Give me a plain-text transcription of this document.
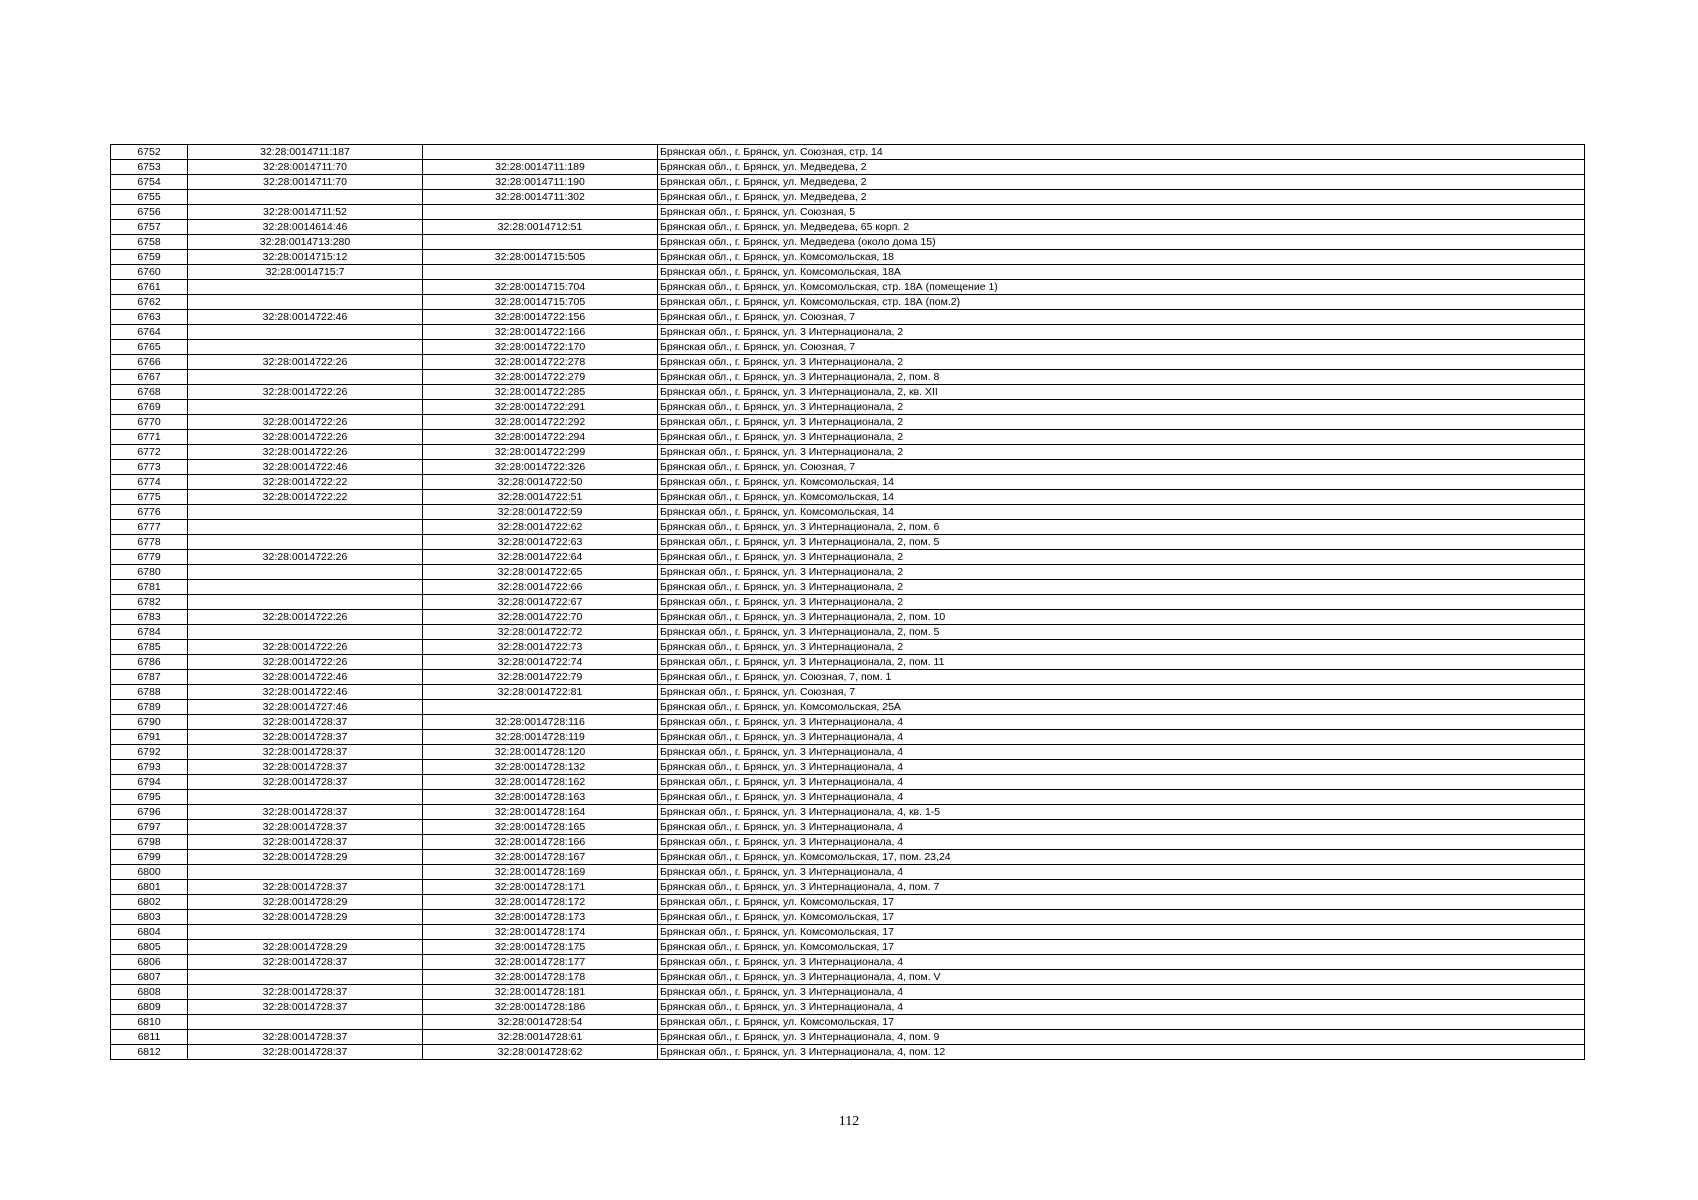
6752	32:28:0014711:187		Брянская обл., г. Брянск, ул. Союзная, стр. 14
6753	32:28:0014711:70	32:28:0014711:189	Брянская обл., г. Брянск, ул. Медведева, 2
6754	32:28:0014711:70	32:28:0014711:190	Брянская обл., г. Брянск, ул. Медведева, 2
6755		32:28:0014711:302	Брянская обл., г. Брянск, ул. Медведева, 2
6756	32:28:0014711:52		Брянская обл., г. Брянск, ул. Союзная, 5
6757	32:28:0014614:46	32:28:0014712:51	Брянская обл., г. Брянск, ул. Медведева, 65 корп. 2
6758	32:28:0014713:280		Брянская обл., г. Брянск, ул. Медведева (около дома 15)
6759	32:28:0014715:12	32:28:0014715:505	Брянская обл., г. Брянск, ул. Комсомольская, 18
6760	32:28:0014715:7		Брянская обл., г. Брянск, ул. Комсомольская, 18А
6761		32:28:0014715:704	Брянская обл., г. Брянск, ул. Комсомольская, стр. 18А (помещение 1)
6762		32:28:0014715:705	Брянская обл., г. Брянск, ул. Комсомольская, стр. 18А (пом.2)
6763	32:28:0014722:46	32:28:0014722:156	Брянская обл., г. Брянск, ул. Союзная, 7
6764		32:28:0014722:166	Брянская обл., г. Брянск, ул. 3 Интернационала, 2
6765		32:28:0014722:170	Брянская обл., г. Брянск, ул. Союзная, 7
6766	32:28:0014722:26	32:28:0014722:278	Брянская обл., г. Брянск, ул. 3 Интернационала, 2
6767		32:28:0014722:279	Брянская обл., г. Брянск, ул. 3 Интернационала, 2, пом. 8
6768	32:28:0014722:26	32:28:0014722:285	Брянская обл., г. Брянск, ул. 3 Интернационала, 2, кв. XII
6769		32:28:0014722:291	Брянская обл., г. Брянск, ул. 3 Интернационала, 2
6770	32:28:0014722:26	32:28:0014722:292	Брянская обл., г. Брянск, ул. 3 Интернационала, 2
6771	32:28:0014722:26	32:28:0014722:294	Брянская обл., г. Брянск, ул. 3 Интернационала, 2
6772	32:28:0014722:26	32:28:0014722:299	Брянская обл., г. Брянск, ул. 3 Интернационала, 2
6773	32:28:0014722:46	32:28:0014722:326	Брянская обл., г. Брянск, ул. Союзная, 7
6774	32:28:0014722:22	32:28:0014722:50	Брянская обл., г. Брянск, ул. Комсомольская, 14
6775	32:28:0014722:22	32:28:0014722:51	Брянская обл., г. Брянск, ул. Комсомольская, 14
6776		32:28:0014722:59	Брянская обл., г. Брянск, ул. Комсомольская, 14
6777		32:28:0014722:62	Брянская обл., г. Брянск, ул. 3 Интернационала, 2, пом. 6
6778		32:28:0014722:63	Брянская обл., г. Брянск, ул. 3 Интернационала, 2, пом. 5
6779	32:28:0014722:26	32:28:0014722:64	Брянская обл., г. Брянск, ул. 3 Интернационала, 2
6780		32:28:0014722:65	Брянская обл., г. Брянск, ул. 3 Интернационала, 2
6781		32:28:0014722:66	Брянская обл., г. Брянск, ул. 3 Интернационала, 2
6782		32:28:0014722:67	Брянская обл., г. Брянск, ул. 3 Интернационала, 2
6783	32:28:0014722:26	32:28:0014722:70	Брянская обл., г. Брянск, ул. 3 Интернационала, 2, пом. 10
6784		32:28:0014722:72	Брянская обл., г. Брянск, ул. 3 Интернационала, 2, пом. 5
6785	32:28:0014722:26	32:28:0014722:73	Брянская обл., г. Брянск, ул. 3 Интернационала, 2
6786	32:28:0014722:26	32:28:0014722:74	Брянская обл., г. Брянск, ул. 3 Интернационала, 2, пом. 11
6787	32:28:0014722:46	32:28:0014722:79	Брянская обл., г. Брянск, ул. Союзная, 7, пом. 1
6788	32:28:0014722:46	32:28:0014722:81	Брянская обл., г. Брянск, ул. Союзная, 7
6789	32:28:0014727:46		Брянская обл., г. Брянск, ул. Комсомольская, 25А
6790	32:28:0014728:37	32:28:0014728:116	Брянская обл., г. Брянск, ул. 3 Интернационала, 4
6791	32:28:0014728:37	32:28:0014728:119	Брянская обл., г. Брянск, ул. 3 Интернационала, 4
6792	32:28:0014728:37	32:28:0014728:120	Брянская обл., г. Брянск, ул. 3 Интернационала, 4
6793	32:28:0014728:37	32:28:0014728:132	Брянская обл., г. Брянск, ул. 3 Интернационала, 4
6794	32:28:0014728:37	32:28:0014728:162	Брянская обл., г. Брянск, ул. 3 Интернационала, 4
6795		32:28:0014728:163	Брянская обл., г. Брянск, ул. 3 Интернационала, 4
6796	32:28:0014728:37	32:28:0014728:164	Брянская обл., г. Брянск, ул. 3 Интернационала, 4, кв. 1-5
6797	32:28:0014728:37	32:28:0014728:165	Брянская обл., г. Брянск, ул. 3 Интернационала, 4
6798	32:28:0014728:37	32:28:0014728:166	Брянская обл., г. Брянск, ул. 3 Интернационала, 4
6799	32:28:0014728:29	32:28:0014728:167	Брянская обл., г. Брянск, ул. Комсомольская, 17, пом. 23,24
6800		32:28:0014728:169	Брянская обл., г. Брянск, ул. 3 Интернационала, 4
6801	32:28:0014728:37	32:28:0014728:171	Брянская обл., г. Брянск, ул. 3 Интернационала, 4, пом. 7
6802	32:28:0014728:29	32:28:0014728:172	Брянская обл., г. Брянск, ул. Комсомольская, 17
6803	32:28:0014728:29	32:28:0014728:173	Брянская обл., г. Брянск, ул. Комсомольская, 17
6804		32:28:0014728:174	Брянская обл., г. Брянск, ул. Комсомольская, 17
6805	32:28:0014728:29	32:28:0014728:175	Брянская обл., г. Брянск, ул. Комсомольская, 17
6806	32:28:0014728:37	32:28:0014728:177	Брянская обл., г. Брянск, ул. 3 Интернационала, 4
6807		32:28:0014728:178	Брянская обл., г. Брянск, ул. 3 Интернационала, 4, пом. V
6808	32:28:0014728:37	32:28:0014728:181	Брянская обл., г. Брянск, ул. 3 Интернационала, 4
6809	32:28:0014728:37	32:28:0014728:186	Брянская обл., г. Брянск, ул. 3 Интернационала, 4
6810		32:28:0014728:54	Брянская обл., г. Брянск, ул. Комсомольская, 17
6811	32:28:0014728:37	32:28:0014728:61	Брянская обл., г. Брянск, ул. 3 Интернационала, 4, пом. 9
6812	32:28:0014728:37	32:28:0014728:62	Брянская обл., г. Брянск, ул. 3 Интернационала, 4, пом. 12
112
